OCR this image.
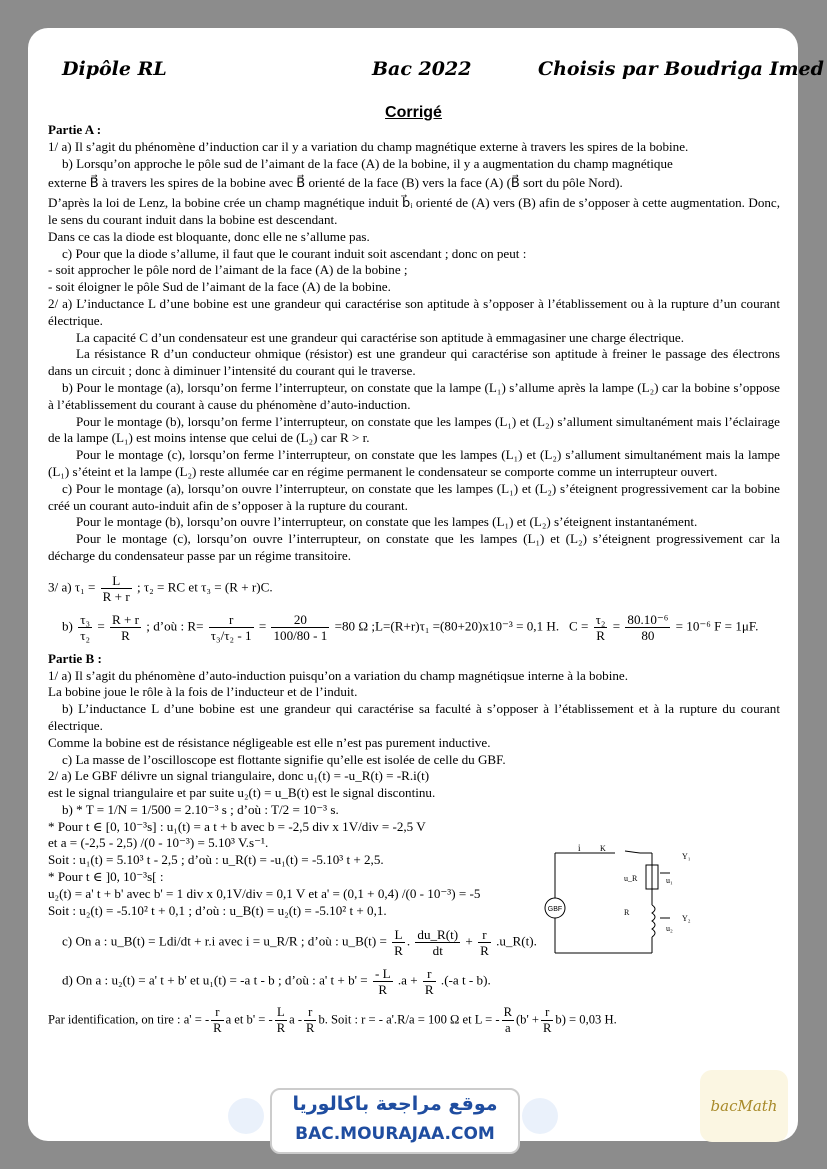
Dipôle RL	Bac 2022	Choisis par Boudriga Imed
Corrigé

Partie A :

1/ a) Il s’agit du phénomène d’induction car il y a variation du champ magnétique externe à travers les spires de la bobine.

b) Lorsqu’on approche le pôle sud de l’aimant de la face (A) de la bobine, il y a augmentation du champ magnétique

externe B⃗ à travers les spires de la bobine avec B⃗ orienté de la face (B) vers la face (A) (B⃗ sort du pôle Nord).

D’après la loi de Lenz, la bobine crée un champ magnétique induit b⃗ᵢ orienté de (A) vers (B) afin de s’opposer à cette augmentation. Donc, le sens du courant induit dans la bobine est descendant.

Dans ce cas la diode est bloquante, donc elle ne s’allume pas.

c) Pour que la diode s’allume, il faut que le courant induit soit ascendant ; donc on peut :

- soit approcher le pôle nord de l’aimant de la face (A) de la bobine ;

- soit éloigner le pôle Sud de l’aimant de la face (A) de la bobine.

2/ a) L’inductance L d’une bobine est une grandeur qui caractérise son aptitude à s’opposer à l’établissement ou à la rupture d’un courant électrique.

La capacité C d’un condensateur est une grandeur qui caractérise son aptitude à emmagasiner une charge électrique.

La résistance R d’un conducteur ohmique (résistor) est une grandeur qui caractérise son aptitude à freiner le passage des électrons dans un circuit ; donc à diminuer l’intensité du courant qui le traverse.

b) Pour le montage (a), lorsqu’on ferme l’interrupteur, on constate que la lampe (L₁) s’allume après la lampe (L₂) car la bobine s’oppose à l’établissement du courant à cause du phénomène d’auto-induction.

Pour le montage (b), lorsqu’on ferme l’interrupteur, on constate que les lampes (L₁) et (L₂) s’allument simultanément mais l’éclairage de la lampe (L₁) est moins intense que celui de (L₂) car R > r.

Pour le montage (c), lorsqu’on ferme l’interrupteur, on constate que les lampes (L₁) et (L₂) s’allument simultanément mais la lampe (L₁) s’éteint et la lampe (L₂) reste allumée car en régime permanent le condensateur se comporte comme un interrupteur ouvert.

c) Pour le montage (a), lorsqu’on ouvre l’interrupteur, on constate que les lampes (L₁) et (L₂) s’éteignent progressivement car la bobine créé un courant auto-induit afin de s’opposer à la rupture du courant.

Pour le montage (b), lorsqu’on ouvre l’interrupteur, on constate que les lampes (L₁) et (L₂) s’éteignent instantanément.

Pour le montage (c), lorsqu’on ouvre l’interrupteur, on constate que les lampes (L₁) et (L₂) s’éteignent progressivement car la décharge du condensateur passe par un régime transitoire.

3/ a) $\tau_1 = \frac{L}{R + r}$ ; τ₂ = RC et τ₃ = (R + r)C.

$b) \frac{\text{τ₃}}{\text{τ₂}} = \frac{R + r}{R}$ ; d’où : $R= \frac{r}{\text{τ₃/τ₂ - 1}} = \frac{20}{100/80 - 1} =80$ Ω ;L=(R+r)τ₁ =(80+20)x10⁻³ = 0,1 H. $C = \frac{\text{τ₂}}{R} = \frac{\text{80.10⁻⁶}}{80} = 10^{-6}$ F = 1μF.

Partie B :

1/ a) Il s’agit du phénomène d’auto-induction puisqu’on a variation du champ magnétiqsue interne à la bobine.

La bobine joue le rôle à la fois de l’inducteur et de l’induit.

b) L’inductance L d’une bobine est une grandeur qui caractérise sa faculté à s’opposer à l’établissement et à la rupture du courant électrique.

Comme la bobine est de résistance négligeable est elle n’est pas purement inductive.

c) La masse de l’oscilloscope est flottante signifie qu’elle est isolée de celle du GBF.

2/ a) Le GBF délivre un signal triangulaire, donc u₁(t) = -u_R(t) = -R.i(t)

est le signal triangulaire et par suite u₂(t) = u_B(t) est le signal discontinu.

b) * T = 1/N = 1/500 = 2.10⁻³ s ; d’où : T/2 = 10⁻³ s.

* Pour t ∈ [0, 10⁻³s] : u₁(t) = a t + b avec b = -2,5 div x 1V/div = -2,5 V

et a = (-2,5 - 2,5) /(0 - 10⁻³) = 5.10³ V.s⁻¹.

Soit : u₁(t) = 5.10³ t - 2,5 ; d’où : u_R(t) = -u₁(t) = -5.10³ t + 2,5.

* Pour t ∈ ]0, 10⁻³s[ :

u₂(t) = a' t + b' avec b' = 1 div x 0,1V/div = 0,1 V et a' = (0,1 + 0,4) /(0 - 10⁻³) = -5

Soit : u₂(t) = -5.10² t + 0,1 ; d’où : u_B(t) = u₂(t) = -5.10² t + 0,1.

c) On a : u_B(t) = Ldi/dt + r.i avec i = u_R/R ; d’où : u_B(t) = $\frac{L}{R}$ . $\frac{du\_R(t)}{dt} + \frac{r}{R}$ .u_R(t).

d) On a : u₂(t) = a' t + b' et u₁(t) = -a t - b ; d’où : a' $t + b' = \frac{- L}{R} .a + \frac{r}{R} .(-a$ t - b).

Par identification, on tire : a' = - $\frac{r}{R}$ a et b' = - $\frac{L}{R}$ a - $\frac{r}{R} b$. Soit : r = - a'.R/a = 100 Ω et L = - $\frac{R}{a} (b' + \frac{r}{R} b) = 0,03$ H.

GBF
i K
u_R	u₁
R
u₂
Y₁
Y₂
موقع مراجعة باكالوريا
BAC.MOURAJAA.COM
bacMath
